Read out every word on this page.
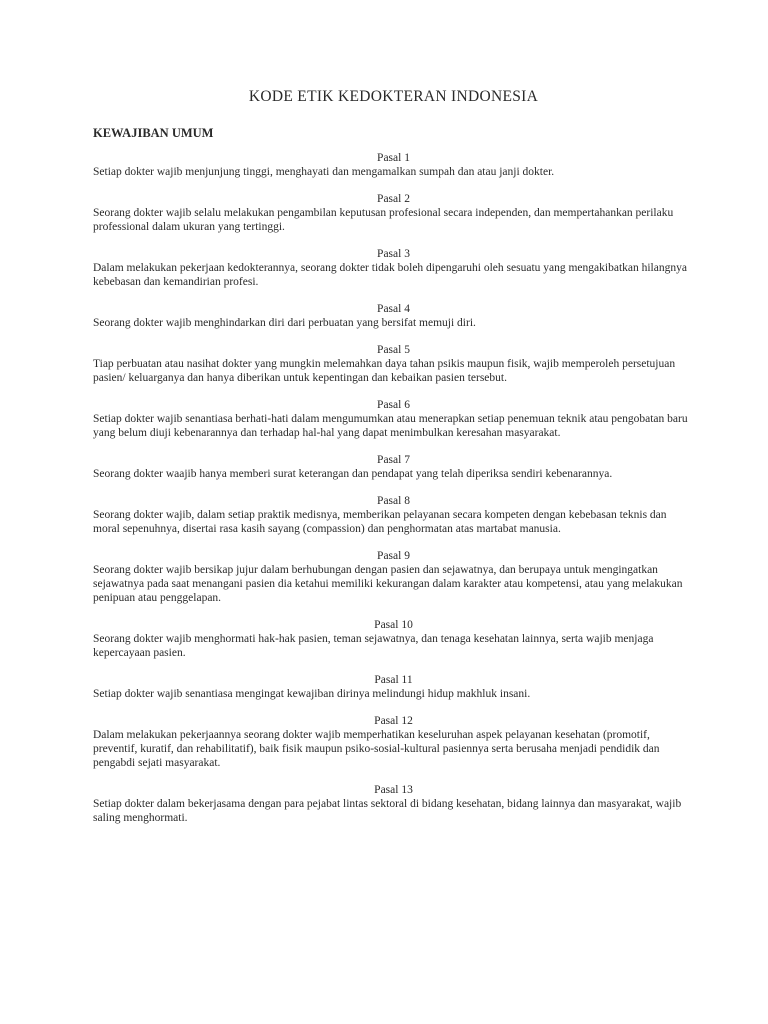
KODE ETIK KEDOKTERAN INDONESIA
KEWAJIBAN UMUM

Pasal 1

Setiap dokter wajib menjunjung tinggi, menghayati dan mengamalkan sumpah dan atau janji dokter.

Pasal 2

Seorang dokter wajib selalu melakukan pengambilan keputusan profesional secara independen, dan mempertahankan perilaku professional dalam ukuran yang tertinggi.

Pasal 3

Dalam melakukan pekerjaan kedokterannya, seorang dokter tidak boleh dipengaruhi oleh sesuatu yang mengakibatkan hilangnya kebebasan dan kemandirian profesi.

Pasal 4

Seorang dokter wajib menghindarkan diri dari perbuatan yang bersifat memuji diri.

Pasal 5

Tiap perbuatan atau nasihat dokter yang mungkin melemahkan daya tahan psikis maupun fisik, wajib memperoleh persetujuan pasien/ keluarganya dan hanya diberikan untuk kepentingan dan kebaikan pasien tersebut.

Pasal 6

Setiap dokter wajib senantiasa berhati-hati dalam mengumumkan atau menerapkan setiap penemuan teknik atau pengobatan baru yang belum diuji kebenarannya dan terhadap hal-hal yang dapat menimbulkan keresahan masyarakat.

Pasal 7

Seorang dokter waajib hanya memberi surat keterangan dan pendapat yang telah diperiksa sendiri kebenarannya.

Pasal 8

Seorang dokter wajib, dalam setiap praktik medisnya, memberikan pelayanan secara kompeten dengan kebebasan teknis dan moral sepenuhnya, disertai rasa kasih sayang (compassion) dan penghormatan atas martabat manusia.

Pasal 9

Seorang dokter wajib bersikap jujur dalam berhubungan dengan pasien dan sejawatnya, dan berupaya untuk mengingatkan sejawatnya pada saat menangani pasien dia ketahui memiliki kekurangan dalam karakter atau kompetensi, atau yang melakukan penipuan atau penggelapan.

Pasal 10

Seorang dokter wajib menghormati hak-hak pasien, teman sejawatnya, dan tenaga kesehatan lainnya, serta wajib menjaga kepercayaan pasien.

Pasal 11

Setiap dokter wajib senantiasa mengingat kewajiban dirinya melindungi hidup makhluk insani.

Pasal 12

Dalam melakukan pekerjaannya seorang dokter wajib memperhatikan keseluruhan aspek pelayanan kesehatan (promotif, preventif, kuratif, dan rehabilitatif), baik fisik maupun psiko-sosial-kultural pasiennya serta berusaha menjadi pendidik dan pengabdi sejati masyarakat.

Pasal 13

Setiap dokter dalam bekerjasama dengan para pejabat lintas sektoral di bidang kesehatan, bidang lainnya dan masyarakat, wajib saling menghormati.
